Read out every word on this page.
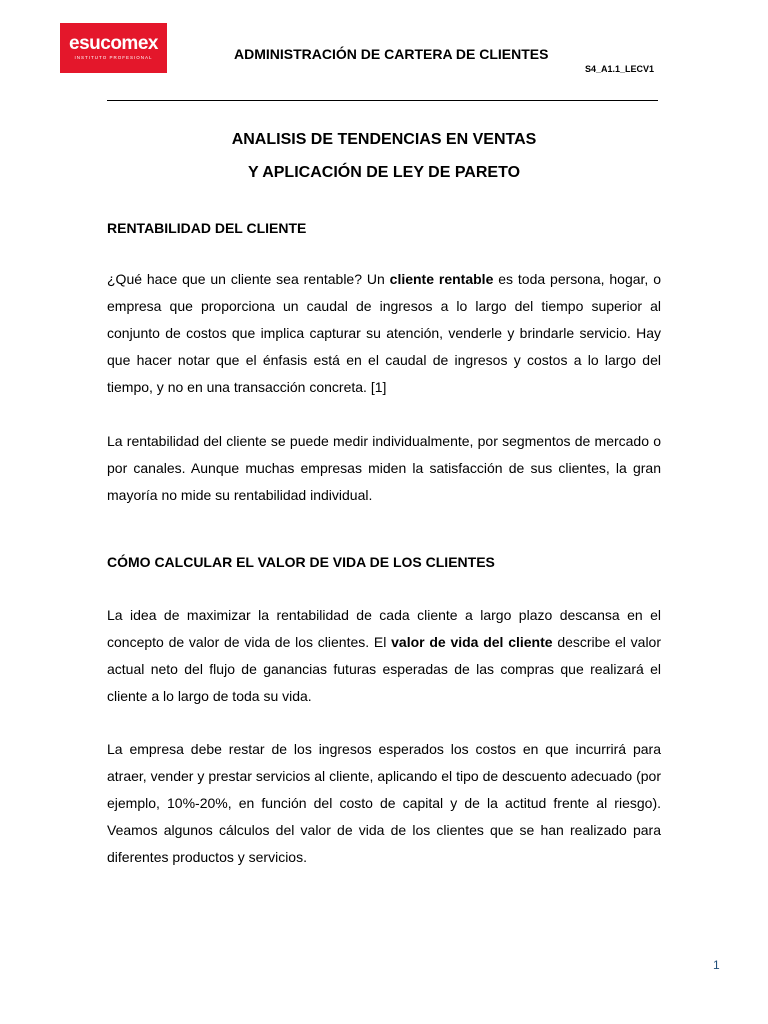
esucomex
INSTITUTO PROFESIONAL	ADMINISTRACIÓN DE CARTERA DE CLIENTES
S4_A1.1_LECV1
ANALISIS DE TENDENCIAS EN VENTAS
Y APLICACIÓN DE LEY DE PARETO
RENTABILIDAD DEL CLIENTE

¿Qué hace que un cliente sea rentable? Un cliente rentable es toda persona, hogar, o empresa que proporciona un caudal de ingresos a lo largo del tiempo superior al conjunto de costos que implica capturar su atención, venderle y brindarle servicio. Hay que hacer notar que el énfasis está en el caudal de ingresos y costos a lo largo del tiempo, y no en una transacción concreta. [1]

La rentabilidad del cliente se puede medir individualmente, por segmentos de mercado o por canales. Aunque muchas empresas miden la satisfacción de sus clientes, la gran mayoría no mide su rentabilidad individual.

CÓMO CALCULAR EL VALOR DE VIDA DE LOS CLIENTES

La idea de maximizar la rentabilidad de cada cliente a largo plazo descansa en el concepto de valor de vida de los clientes. El valor de vida del cliente describe el valor actual neto del flujo de ganancias futuras esperadas de las compras que realizará el cliente a lo largo de toda su vida.

La empresa debe restar de los ingresos esperados los costos en que incurrirá para atraer, vender y prestar servicios al cliente, aplicando el tipo de descuento adecuado (por ejemplo, 10%-20%, en función del costo de capital y de la actitud frente al riesgo). Veamos algunos cálculos del valor de vida de los clientes que se han realizado para diferentes productos y servicios.

1
